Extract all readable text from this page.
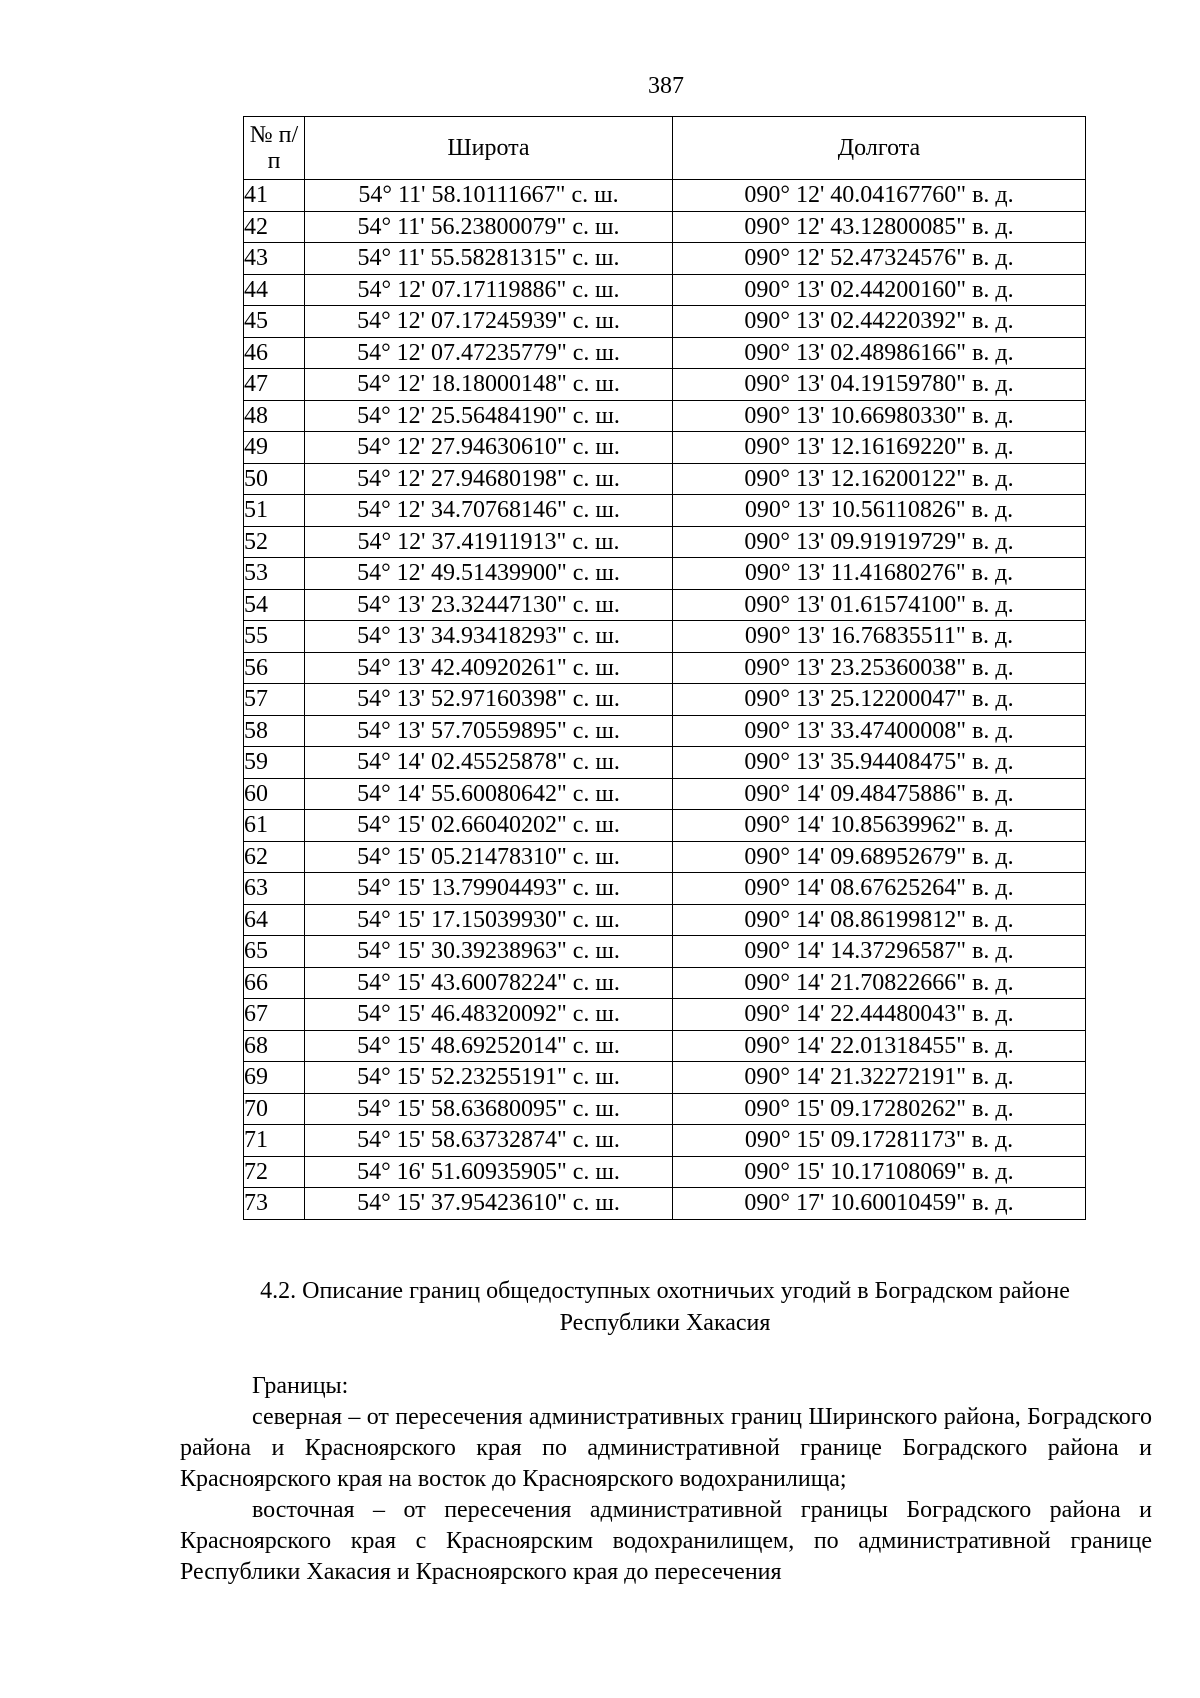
387
№ п/п	Широта	Долгота
41	54° 11' 58.10111667" с. ш.	090° 12' 40.04167760" в. д.
42	54° 11' 56.23800079" с. ш.	090° 12' 43.12800085" в. д.
43	54° 11' 55.58281315" с. ш.	090° 12' 52.47324576" в. д.
44	54° 12' 07.17119886" с. ш.	090° 13' 02.44200160" в. д.
45	54° 12' 07.17245939" с. ш.	090° 13' 02.44220392" в. д.
46	54° 12' 07.47235779" с. ш.	090° 13' 02.48986166" в. д.
47	54° 12' 18.18000148" с. ш.	090° 13' 04.19159780" в. д.
48	54° 12' 25.56484190" с. ш.	090° 13' 10.66980330" в. д.
49	54° 12' 27.94630610" с. ш.	090° 13' 12.16169220" в. д.
50	54° 12' 27.94680198" с. ш.	090° 13' 12.16200122" в. д.
51	54° 12' 34.70768146" с. ш.	090° 13' 10.56110826" в. д.
52	54° 12' 37.41911913" с. ш.	090° 13' 09.91919729" в. д.
53	54° 12' 49.51439900" с. ш.	090° 13' 11.41680276" в. д.
54	54° 13' 23.32447130" с. ш.	090° 13' 01.61574100" в. д.
55	54° 13' 34.93418293" с. ш.	090° 13' 16.76835511" в. д.
56	54° 13' 42.40920261" с. ш.	090° 13' 23.25360038" в. д.
57	54° 13' 52.97160398" с. ш.	090° 13' 25.12200047" в. д.
58	54° 13' 57.70559895" с. ш.	090° 13' 33.47400008" в. д.
59	54° 14' 02.45525878" с. ш.	090° 13' 35.94408475" в. д.
60	54° 14' 55.60080642" с. ш.	090° 14' 09.48475886" в. д.
61	54° 15' 02.66040202" с. ш.	090° 14' 10.85639962" в. д.
62	54° 15' 05.21478310" с. ш.	090° 14' 09.68952679" в. д.
63	54° 15' 13.79904493" с. ш.	090° 14' 08.67625264" в. д.
64	54° 15' 17.15039930" с. ш.	090° 14' 08.86199812" в. д.
65	54° 15' 30.39238963" с. ш.	090° 14' 14.37296587" в. д.
66	54° 15' 43.60078224" с. ш.	090° 14' 21.70822666" в. д.
67	54° 15' 46.48320092" с. ш.	090° 14' 22.44480043" в. д.
68	54° 15' 48.69252014" с. ш.	090° 14' 22.01318455" в. д.
69	54° 15' 52.23255191" с. ш.	090° 14' 21.32272191" в. д.
70	54° 15' 58.63680095" с. ш.	090° 15' 09.17280262" в. д.
71	54° 15' 58.63732874" с. ш.	090° 15' 09.17281173" в. д.
72	54° 16' 51.60935905" с. ш.	090° 15' 10.17108069" в. д.
73	54° 15' 37.95423610" с. ш.	090° 17' 10.60010459" в. д.
4.2. Описание границ общедоступных охотничьих угодий в Боградском районе
Республики Хакасия

Границы:

северная – от пересечения административных границ Ширинского района, Боградского района и Красноярского края по административной границе Боградского района и Красноярского края на восток до Красноярского водохранилища;

восточная – от пересечения административной границы Боградского района и Красноярского края с Красноярским водохранилищем, по административной границе Республики Хакасия и Красноярского края до пересечения
